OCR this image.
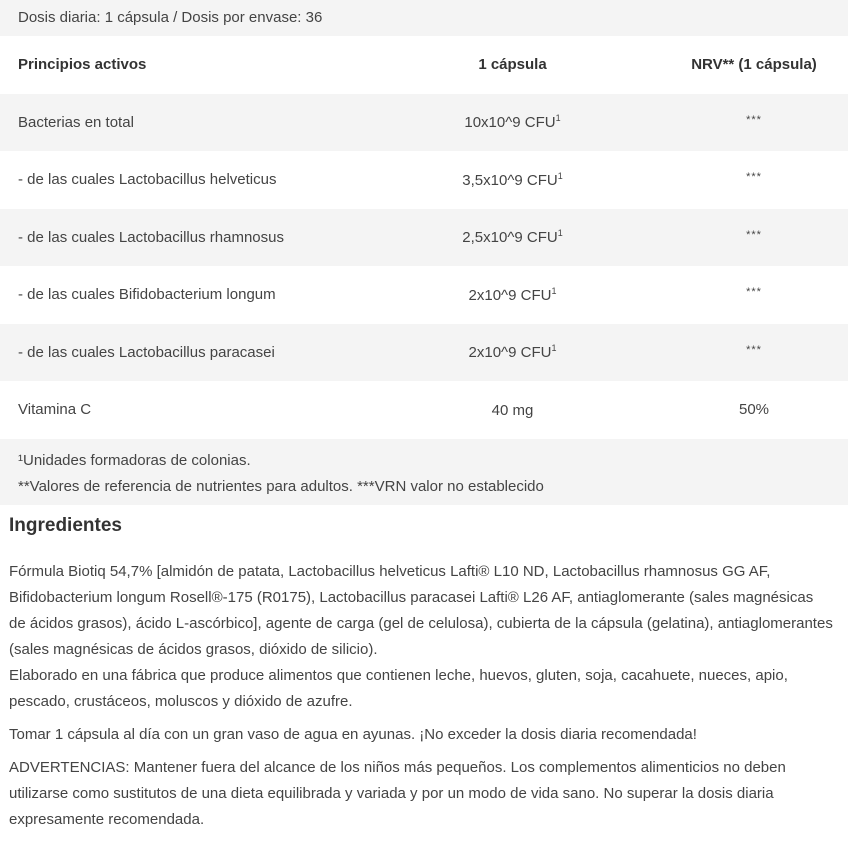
Dosis diaria: 1 cápsula / Dosis por envase: 36
Principios activos	1 cápsula	NRV** (1 cápsula)
Bacterias en total	10x10^9 CFU$^1$	***
- de las cuales Lactobacillus helveticus	3,5x10^9 CFU$^1$	***
- de las cuales Lactobacillus rhamnosus	2,5x10^9 CFU$^1$	***
- de las cuales Bifidobacterium longum	2x10^9 CFU$^1$	***
- de las cuales Lactobacillus paracasei	2x10^9 CFU$^1$	***
Vitamina C	40 mg	50%

¹Unidades formadoras de colonias.

**Valores de referencia de nutrientes para adultos. ***VRN valor no establecido

Ingredientes

Fórmula Biotiq 54,7% [almidón de patata, Lactobacillus helveticus Lafti® L10 ND, Lactobacillus rhamnosus GG AF,

Bifidobacterium longum Rosell®-175 (R0175), Lactobacillus paracasei Lafti® L26 AF, antiaglomerante (sales magnésicas

de ácidos grasos), ácido L-ascórbico], agente de carga (gel de celulosa), cubierta de la cápsula (gelatina), antiaglomerantes

(sales magnésicas de ácidos grasos, dióxido de silicio).

Elaborado en una fábrica que produce alimentos que contienen leche, huevos, gluten, soja, cacahuete, nueces, apio,

pescado, crustáceos, moluscos y dióxido de azufre.

Tomar 1 cápsula al día con un gran vaso de agua en ayunas. ¡No exceder la dosis diaria recomendada!

ADVERTENCIAS: Mantener fuera del alcance de los niños más pequeños. Los complementos alimenticios no deben

utilizarse como sustitutos de una dieta equilibrada y variada y por un modo de vida sano. No superar la dosis diaria

expresamente recomendada.
